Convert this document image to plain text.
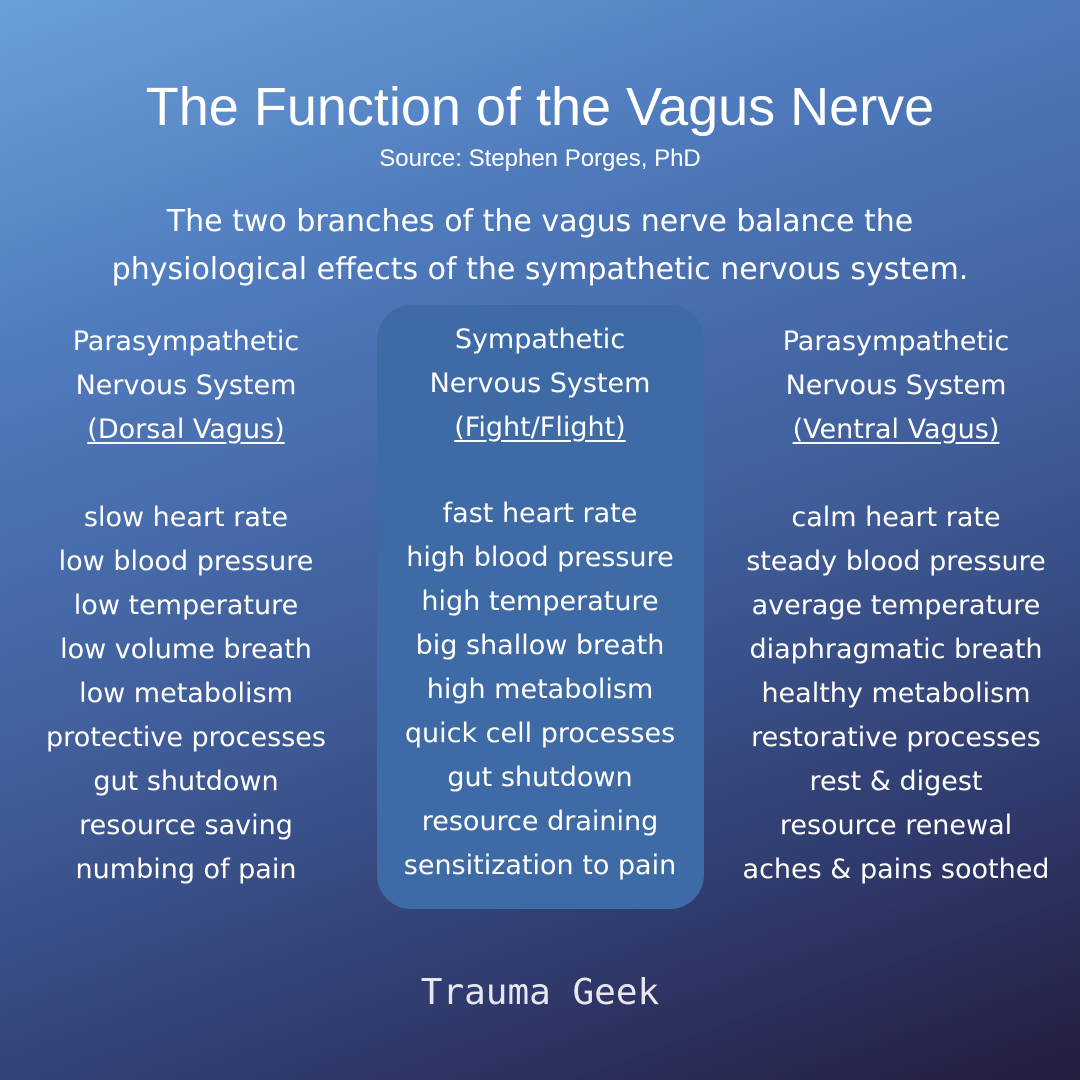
The Function of the Vagus Nerve
Source: Stephen Porges, PhD
The two branches of the vagus nerve balance the
physiological effects of the sympathetic nervous system.
Parasympathetic
Nervous System
(Dorsal Vagus)
slow heart rate
low blood pressure
low temperature
low volume breath
low metabolism
protective processes
gut shutdown
resource saving
numbing of pain
Sympathetic
Nervous System
(Fight/Flight)
fast heart rate
high blood pressure
high temperature
big shallow breath
high metabolism
quick cell processes
gut shutdown
resource draining
sensitization to pain
Parasympathetic
Nervous System
(Ventral Vagus)
calm heart rate
steady blood pressure
average temperature
diaphragmatic breath
healthy metabolism
restorative processes
rest & digest
resource renewal
aches & pains soothed
Trauma Geek
